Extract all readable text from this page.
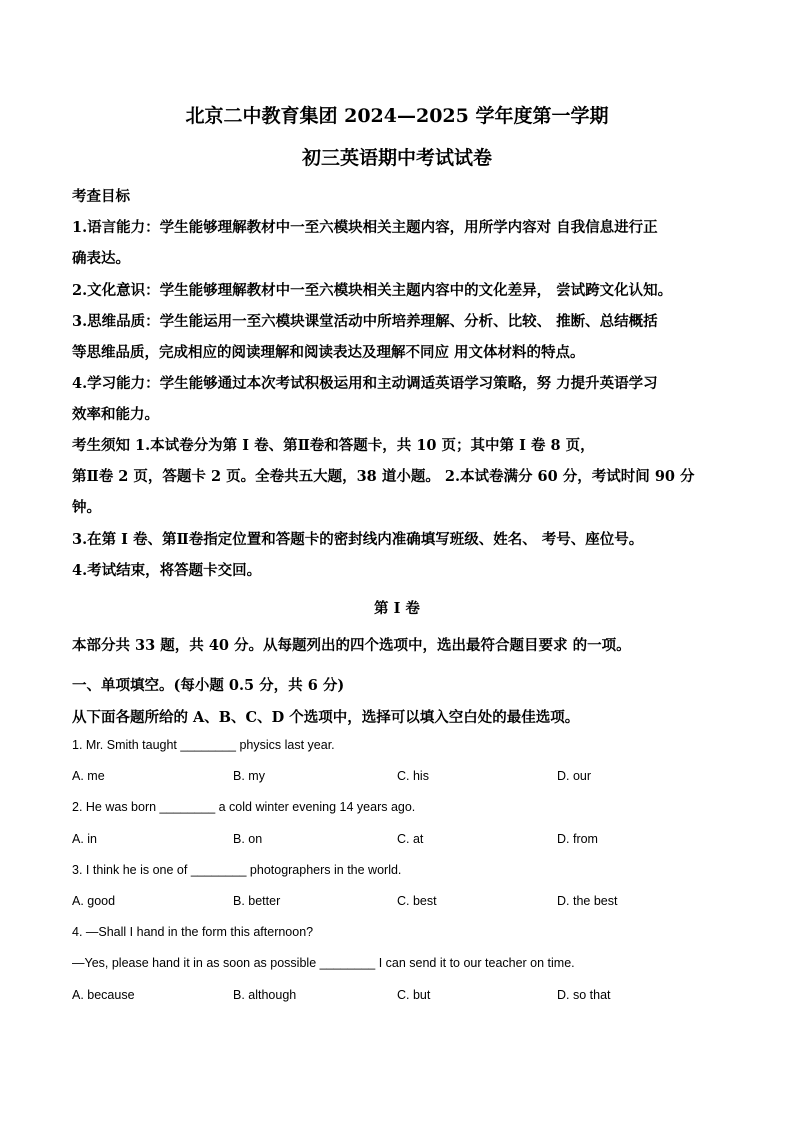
北京二中教育集团 2024—2025 学年度第一学期
初三英语期中考试试卷
考查目标
1.语言能力：学生能够理解教材中一至六模块相关主题内容，用所学内容对 自我信息进行正
确表达。
2.文化意识：学生能够理解教材中一至六模块相关主题内容中的文化差异， 尝试跨文化认知。
3.思维品质：学生能运用一至六模块课堂活动中所培养理解、分析、比较、 推断、总结概括
等思维品质，完成相应的阅读理解和阅读表达及理解不同应 用文体材料的特点。
4.学习能力：学生能够通过本次考试积极运用和主动调适英语学习策略，努 力提升英语学习
效率和能力。
考生须知 1.本试卷分为第 I 卷、第Ⅱ卷和答题卡，共 10 页；其中第 I 卷 8 页，
第Ⅱ卷 2 页，答题卡 2 页。全卷共五大题，38 道小题。 2.本试卷满分 60 分，考试时间 90 分
钟。
3.在第 I 卷、第Ⅱ卷指定位置和答题卡的密封线内准确填写班级、姓名、 考号、座位号。
4.考试结束，将答题卡交回。
第 I 卷
本部分共 33 题，共 40 分。从每题列出的四个选项中，选出最符合题目要求 的一项。
一、单项填空。(每小题 0.5 分，共 6 分)
从下面各题所给的 A、B、C、D 个选项中，选择可以填入空白处的最佳选项。
1. Mr. Smith taught ________ physics last year.
A. me	B. my	C. his	D. our
2. He was born ________ a cold winter evening 14 years ago.
A. in	B. on	C. at	D. from
3. I think he is one of ________ photographers in the world.
A. good	B. better	C. best	D. the best
4. —Shall I hand in the form this afternoon?
—Yes, please hand it in as soon as possible ________ I can send it to our teacher on time.
A. because	B. although	C. but	D. so that
